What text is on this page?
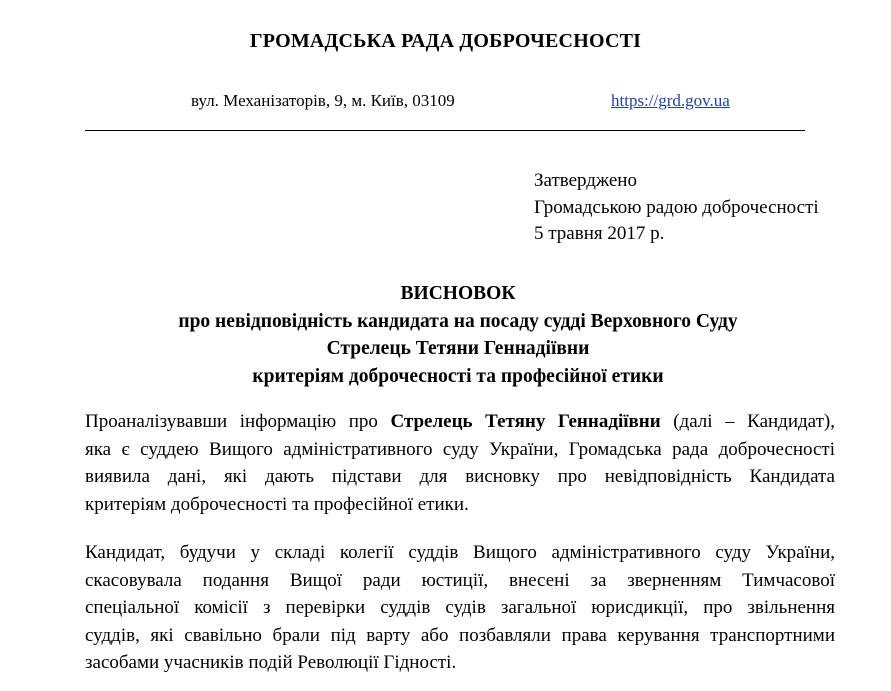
ГРОМАДСЬКА РАДА ДОБРОЧЕСНОСТІ
вул. Механізаторів, 9, м. Київ, 03109	https://grd.gov.ua
Затверджено
Громадською радою доброчесності
5 травня 2017 р.
ВИСНОВОК
про невідповідність кандидата на посаду судді Верховного Суду
Стрелець Тетяни Геннадіївни
критеріям доброчесності та професійної етики
Проаналізувавши інформацію про Стрелець Тетяну Геннадіївни (далі – Кандидат),
яка є суддею Вищого адміністративного суду України, Громадська рада доброчесності
виявила дані, які дають підстави для висновку про невідповідність Кандидата
критеріям доброчесності та професійної етики.
Кандидат, будучи у складі колегії суддів Вищого адміністративного суду України,
скасовувала подання Вищої ради юстиції, внесені за зверненням Тимчасової
спеціальної комісії з перевірки суддів судів загальної юрисдикції, про звільнення
суддів, які свавільно брали під варту або позбавляли права керування транспортними
засобами учасників подій Революції Гідності.
